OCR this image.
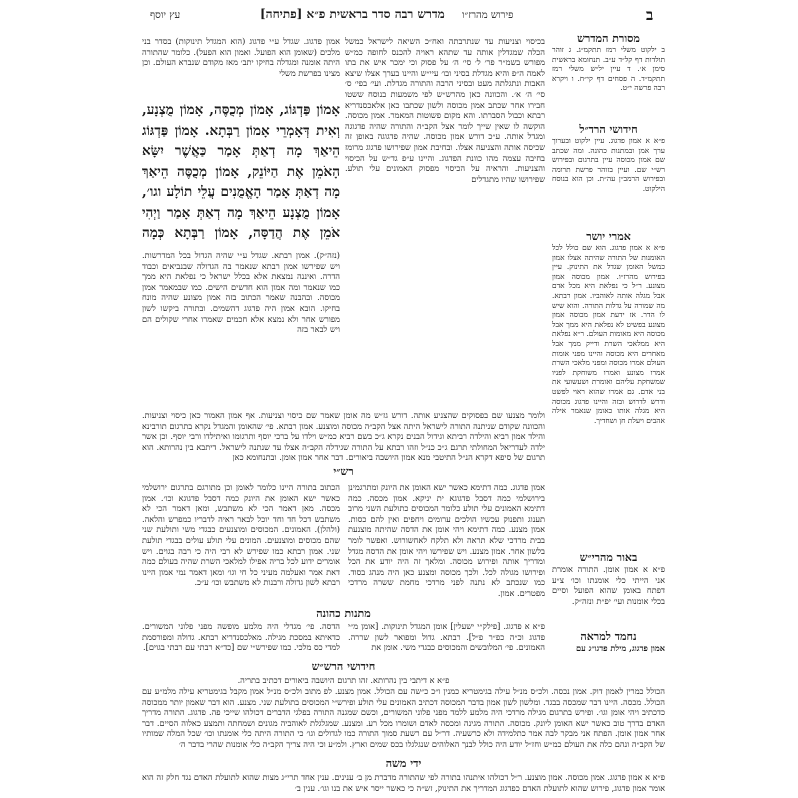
ב
פירוש מהרז״ו
מדרש רבה סדר בראשית פ״א [פתיחה]
עץ יוסף
מסורת המדרש
ב ילקוט משלי רמז תתקמ״ג. ג זוהר תולדות דף קל״ד ע״ב. תנחומא בראשית סימן א׳. ד עיין יל״ש משלי רמז תתקמ״ד. ה פסחים דף קי״ח. ו ויקרא רבה פרשה י״ט.
חידושי הרד״ל
פ״א א אמון פדגוג. עיין ילקוט ובערוך ערך אמן ובמתנות כהונה. ומה שכתב שם אמון מכוסה עיין בתרגום ובפירוש רש״י שם. ועיין בזוהר פרשת תרומה ובפירוש הרמב״ן עה״ת. וכן הוא בנוסח הילקוט.
אמרי יושר
פ״א א אמון פדגוג. הוא שם כולל לכל האומנות של התורה שהיתה אצלו אמון כמשל האומן שגדל את התינוק. עיין בפירוש מהרז״ו. אמון מכוסה אמון מצונע. ר״ל כי נפלאת היא מכל אדם אבל מגלה אותה לאוהביו. אמון רבתא. מה שמורה על גדלות התורה. והוא שיש לו הדר. אז ידעת אמון מכוסה אמון מצונע בפשיט לא נפלאת היא ממך אבל מכוסה היא מאומות העולם. ר״א נפלאת היא ממלאכי השרת ודייק ממך אבל מאחרים היא מכוסה והיינו מפני אומות העולם אמרו מכוסה ומפני מלאכי השרת אמרו מצונע ואמרו משוחקת לפניו שמשחקת עליהם ואומרת ושעשועי את בני אדם. גם אמרו שהוא ראוי לפשט ודרש לדרוש ובזה והיינו פדגוג מכוסה היא מגלה אותו כאומן שנאמר אילה אהבים ויעלת חן ושחדיך.
באור מהרי״ש
פ״א א אמון אומן. התורה אומרת אני הייתי כלי אומנתו וכו׳ צ״ע דפתח באומן שהוא הפועל וסיים בכלי אומנות ועי׳ יפ״ת ונזה״ק.
נחמד למראה
אמון פדגוג, מילת פדגו״ג עם
בכיסוי וצניעות עד שנתרבתה ואח״כ השיאה לישראל כמשל הכלה שמגדלין אותה עד שתהא ראויה להכנס לחופה כמ״ש מפורש בשמ״ר פר׳ ל׳ סי׳ ה׳ על פסוק וכי ימכר איש את בתו לאמה ה״פ והיא מגדלת בסיני ובו׳ עיי״ש והיינו בערך אצלו שיצא האבות ונתגלתה מעט ובסיני הרבה והתורה מגדלת. ועי׳ בפי׳ ס׳ סי׳ ה׳ א׳. והכוונה כאן מהרש״ש לפי משמעות בנוסח ששטו חבירו אחר שכתב אמון מכוסה ולשון שכתבו כאן אלאכסנדריא רבתא וכבול הסברתו. והא מקום פשוטות המאמר. אמון מכוסה. הוקשה לו שאין שייך לומר אצל הקב״ה והתורה שהיה פדגוגה ומגדל אותה. ע״כ דורש אמון מכוסה. שהיה פדגוגה באופן זה שכיסה אותה והצניעה אצלו. ובחיבת אמון שפירושו פדגוג מרומז בחיבה עצמה מהו כוונת הפדגוג. והיינו ע״פ גד״ש על הכיסוי והצניעות. והראיה על הכיסוי מפסוק האמונים עלי תולע. שפירושו שהיו מתגדלים
אמון פדגוג. שגדל ע״י פדגוג (הוא המגדל תינוקות) בסדר בני מלכים (שאומן הוא הפועל. ואמון הוא הפעל). כלומר שהתורה היתה אומנה ומגדלה בחיקו יתב׳ מאז מקודם שנברא העולם. וכן מצינו בפרשת משלי
אָמוֹן פַּדְגּוֹג, אָמוֹן מְכֻסֶּה, אָמוֹן מֻצְנָע, וְאִית דְּאָמְרֵי אָמוֹן רַבְּתָא. אָמוֹן פַּדְגּוֹג הֵיאַךְ מָה דְאַתְּ אָמַר כַּאֲשֶׁר יִשָּׂא הָאֹמֵן אֶת הַיּוֹנֵק, אָמוֹן מְכֻסֶּה הֵיאַךְ מָה דְאַתְּ אָמַר הָאֱמֻנִים עֲלֵי תוֹלָע וגו׳, אָמוֹן מֻצְנָע הֵיאַךְ מָה דְאַתְּ אָמַר וַיְהִי אֹמֵן אֶת הֲדַסָּה, אָמוֹן רַבְּתָא כְּמָה
(נזה״ק). אמון רבתא. שגדל ע״י שהיה הגדול בכל המדרשות. ויש שפירשו אמון רבתא שנאמר בה הגדולה שבנביאים וכבוד הדרה. ואיננה נמצאת אלא בכלל ישראל כי נפלאת היא ממך כמו שנאמר ומה אמון הוא חדשים הישים. כמו שבמאמר אמון מכוסה. ובהבנה שאמר הכתוב בזה אמון מצונע שהיה מונח בחיקו. הובא אמון היה פדגוג דהשמים. ובתורה ביקשו לשון מפורש אחר ולא נמצא אלא חכמים שאמרו אחרי שקולים הם ויש לבאר בזה
ולומר מצנעו שם בפסוקים שהצניע אותה. דורש גז״ש מה אומן שאמר שם כיסוי וצניעות. אף אמון האמור כאן כיסוי וצניעות. והכוונה שקודם שניתנה התורה לישראל היתה אצל הקב״ה מכוסה ומוצנע. אמון רבתא. פי׳ שהאומן והמגדל נקרא בתרגום תורבינא והילד אמון רביא והילדה רביתא וגידול הבנים נקרא ג״כ בשם רביא כמ״ש וילדו על ברכי יוסף ותרגומו ואיתילדו ורבי יוסף. וכן אשר ילדה לעדריאל המחולתי תרגם ג״כ כנ״ל וזהו רבתא על התורה שגידלה הקב״ה אצלו עד שנתנה לישראל. דיתבא בין נהרותא. הוא תרגום של סיפא דקרא הנ״ל התיטבי מנא אמון היושבה ביאורים. דבר אחר אמון אומן. ובתנחומא כאן
רש״י
אמון פדגוג. כמה דתימא כאשר ישא האומן את היונק ומתרגמינן בירושלמי כמה דסבל פדגוגא ית יניקא. אמון מכסה. כמה דתימא האמונים עלי תולע כלומר המכוסים כתולעת השני מרוב תענוג ותפנוק עכשיו הולכים ערומים ויחפים ואין להם כסות. אמון מצנע. כמה דתימא ויהי אומן את הדסה שהיתה מוצנעת בבית מרדכי שלא תראה ולא תלקח לאחשורוש. ואפשר לומר בלשון אחר. אמון מצנע. ויש שפירשו ויהי אומן את הדסה מגדל ומדריך אותה ופירוש מכוסה. ומלאך זה היה יודע את הכל ופירושו מגולה לכל. ולכך מכוסה ומצנע כאן היה מנהג בסוד. כמו שנכתב לא נתנה לפני מרדכי מחמת ששרה מרדכי מפטרים. אמון.
הכתוב בתורה היינו כלומר לאומן וכן מתורגם בתרגום ירושלמי כאשר ישא האומן את היונק כמה דסבל פדגוגא וכו׳. אמון מכסה. מאן דאמר הכי לא משתבש, ומאן דאמר הכי לא משתבש דכל חד וחד יוכל לבאר ראיה לדבריו כמפרש והלאה. (ולהלן). האמונים. המכוסים ומוצנעים כבגדי משי ותולעת שני שהם מכוסים ומוצנעים. המונים עלי תולע עולים בבגדי תולעת שני. אמון רבתא כמו שפירש לא רבי היה כי רבה בגוים. ויש אומרים ידוע לכל בריה אפילו למלאכי השרת שהיה בעולם כמה דאת אמר ואעלמה מעיני כל חי וגו׳ ומאן דאמר נמי אמון היינו רבתא לשון גדולה ורבנות לא משתבש וכו׳ ע״כ.
מתנות כהונה
פ״א א פדגוג. [פילק״י ישעלין] אומן המגדל תינוקות. [אומן מ״י פדגוג וכ״ה כפ״ר פ״ל]. רבתא. גדול ומפואר לשון שררה. האמונים. פי׳ המלובשים והמכוסים כבגדי משי. אומן את
הדסה. פי׳ מגדלי היה מלמע מופשה מפני פלוני המשורים. כדאיתא במסכת מגילה. מאלכסנדריא רבתא. גדולה ומפורסמת למדי כס מלכי. כמו שפירש״י שם [כד״א רבתי עם רבתי בגוים].
חידושי הרש״ש
פ״א א דיתבי בין נהרותא. זהו תרגום היושבה ביאורים דכתיב בתריה.
הכולל כמרין לאמון דוק. אמון נכסה. ולכ״ס מנ״ל עילה בגימטריא כמנין ו״כ כ״שה עם הכולל. אמון מצנע. לפ מתוב ולכ״ס מנ״ל אמון מקבל בגימטריא עילה מלמ״ע עם הכולל. מכסה. היינו דבר שמכסה בבגד. ומלשון לשון אמון בדבר המכוסה דכתיב האמונים עלי תולע ופירש״י המכוסים בתולעת שני. מצנע. הוא דבר שאמון יותר ממכוסה כדכתיב ויהי אומן וגו׳. ופירש בתרגום מגילה מרדכי היה מלמע ללמד מפני פלוני המשורים, וכשם שמגנה התורה בפלגי הדברים דכולהו שייכי פה. פדגוג. התורה מדריך האדם בדרך טוב כאשר ישא האומן ליונק. מכוסה. התורה מגינה ומכסה לאדם ושומרו מכל רע. ומצנע. שמגלגלת לאוהביה מגונים ושמחתה ותמצע כאלוה הסיים. דבר אחר אמון אומן. הפתח אני מבקר לבה אמר כתלמידה ולא כרשעיה. דר״ל עם רשעת סמוך התורה כמו לגדולים וגו׳ כי התורה היתה כלי אומנתו וכו׳ שכל המלה שמותיו של הקב״ה ונהם כלה את העולם כמ״ש וחז״ל יודע היה כולל לבנך האלוהים שנגלגלו בכס שמים וארץ. ולמ״ע וכי היה צריך הקב״ה כלי אומנות שהרי בדבר ה׳
ידי משה
פ״א א אמון פדגוג. אמון מכוסה. אמון מוצנע. ר״ל דכולהו איתנהו בתורה לפי שהתורה מדברת מן ב׳ ענינים. ענין אחד תרי״ג מצות שהוא לתועלת האדם נגד חלק זה הוא אומר אמון פדגוג, פירוש שהוא לתועלת האדם כפדגוג המדריך את התינוק, זש״ה כי כאשר ייסר איש את בנו וגו׳. ענין ב׳
